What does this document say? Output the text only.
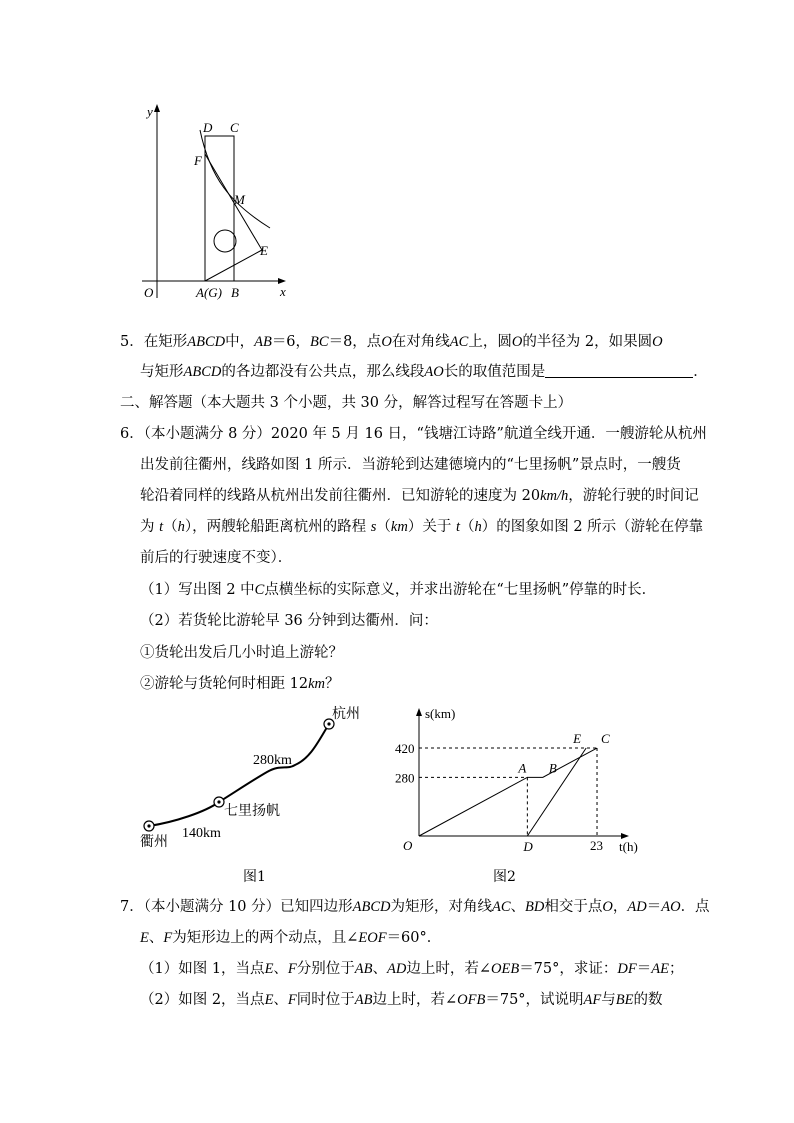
y
x
O
D C
F
M
E
A(G) B
5．在矩形ABCD中，AB＝6，BC＝8，点O在对角线AC上，圆O的半径为 2，如果圆O
与矩形ABCD的各边都没有公共点，那么线段AO长的取值范围是	．
二、解答题（本大题共 3 个小题，共 30 分，解答过程写在答题卡上）
6．（本小题满分 8 分）2020 年 5 月 16 日，“钱塘江诗路”航道全线开通．一艘游轮从杭州
出发前往衢州，线路如图 1 所示．当游轮到达建德境内的“七里扬帆”景点时，一艘货
轮沿着同样的线路从杭州出发前往衢州．已知游轮的速度为 20km/h，游轮行驶的时间记
为 t（h），两艘轮船距离杭州的路程 s（km）关于 t（h）的图象如图 2 所示（游轮在停靠
前后的行驶速度不变）．
（1）写出图 2 中C点横坐标的实际意义，并求出游轮在“七里扬帆”停靠的时长．
（2）若货轮比游轮早 36 分钟到达衢州．问：
①货轮出发后几小时追上游轮？
②游轮与货轮何时相距 12km？
杭州
280km
七里扬帆
140km
衢州
图1
420
280
23
A B
C
D
E
s(km)
t(h)
O
图2
7．（本小题满分 10 分）已知四边形ABCD为矩形，对角线AC、BD相交于点O，AD＝AO．点
E、F为矩形边上的两个动点，且∠EOF＝60°．
（1）如图 1，当点E、F分别位于AB、AD边上时，若∠OEB＝75°，求证：DF＝AE；
（2）如图 2，当点E、F同时位于AB边上时，若∠OFB＝75°，试说明AF与BE的数
